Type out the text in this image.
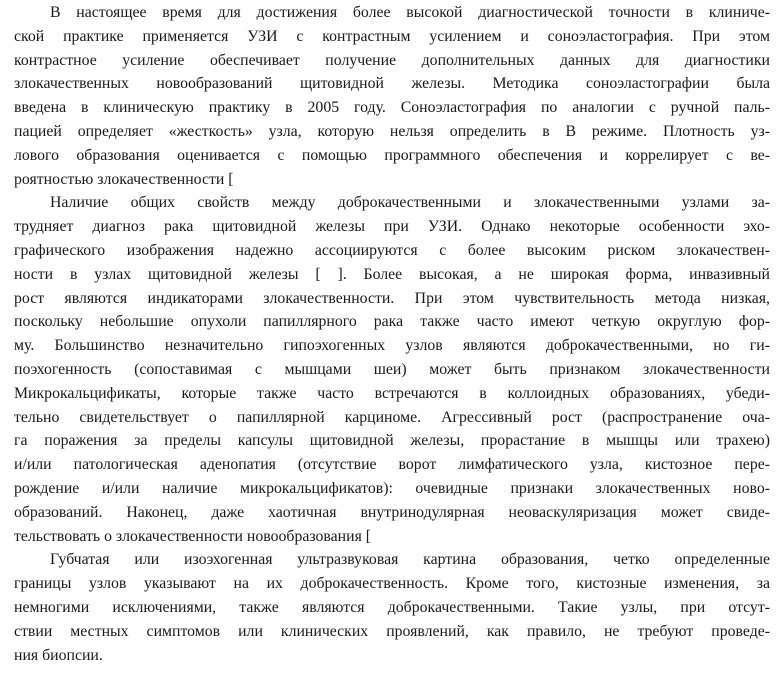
В настоящее время для достижения более высокой диагностической точности в клиниче-
ской практике применяется УЗИ с контрастным усилением и соноэластография. При этом
контрастное усиление обеспечивает получение дополнительных данных для диагностики
злокачественных новообразований щитовидной железы. Методика соноэластографии была
введена в клиническую практику в 2005 году. Соноэластография по аналогии с ручной паль-
пацией определяет «жесткость» узла, которую нельзя определить в В режиме. Плотность уз-
лового образования оценивается с помощью программного обеспечения и коррелирует с ве-
роятностью злокачественности [
Наличие общих свойств между доброкачественными и злокачественными узлами за-
трудняет диагноз рака щитовидной железы при УЗИ. Однако некоторые особенности эхо-
графического изображения надежно ассоциируются с более высоким риском злокачествен-
ности в узлах щитовидной железы [ ]. Более высокая, а не широкая форма, инвазивный
рост являются индикаторами злокачественности. При этом чувствительность метода низкая,
поскольку небольшие опухоли папиллярного рака также часто имеют четкую округлую фор-
му. Большинство незначительно гипоэхогенных узлов являются доброкачественными, но ги-
поэхогенность (сопоставимая с мышцами шеи) может быть признаком злокачественности
Микрокальцификаты, которые также часто встречаются в коллоидных образованиях, убеди-
тельно свидетельствует о папиллярной карциноме. Агрессивный рост (распространение оча-
га поражения за пределы капсулы щитовидной железы, прорастание в мышцы или трахею)
и/или патологическая аденопатия (отсутствие ворот лимфатического узла, кистозное пере-
рождение и/или наличие микрокальцификатов): очевидные признаки злокачественных ново-
образований. Наконец, даже хаотичная внутринодулярная неоваскуляризация может свиде-
тельствовать о злокачественности новообразования [
Губчатая или изоэхогенная ультразвуковая картина образования, четко определенные
границы узлов указывают на их доброкачественность. Кроме того, кистозные изменения, за
немногими исключениями, также являются доброкачественными. Такие узлы, при отсут-
ствии местных симптомов или клинических проявлений, как правило, не требуют проведе-
ния биопсии.
